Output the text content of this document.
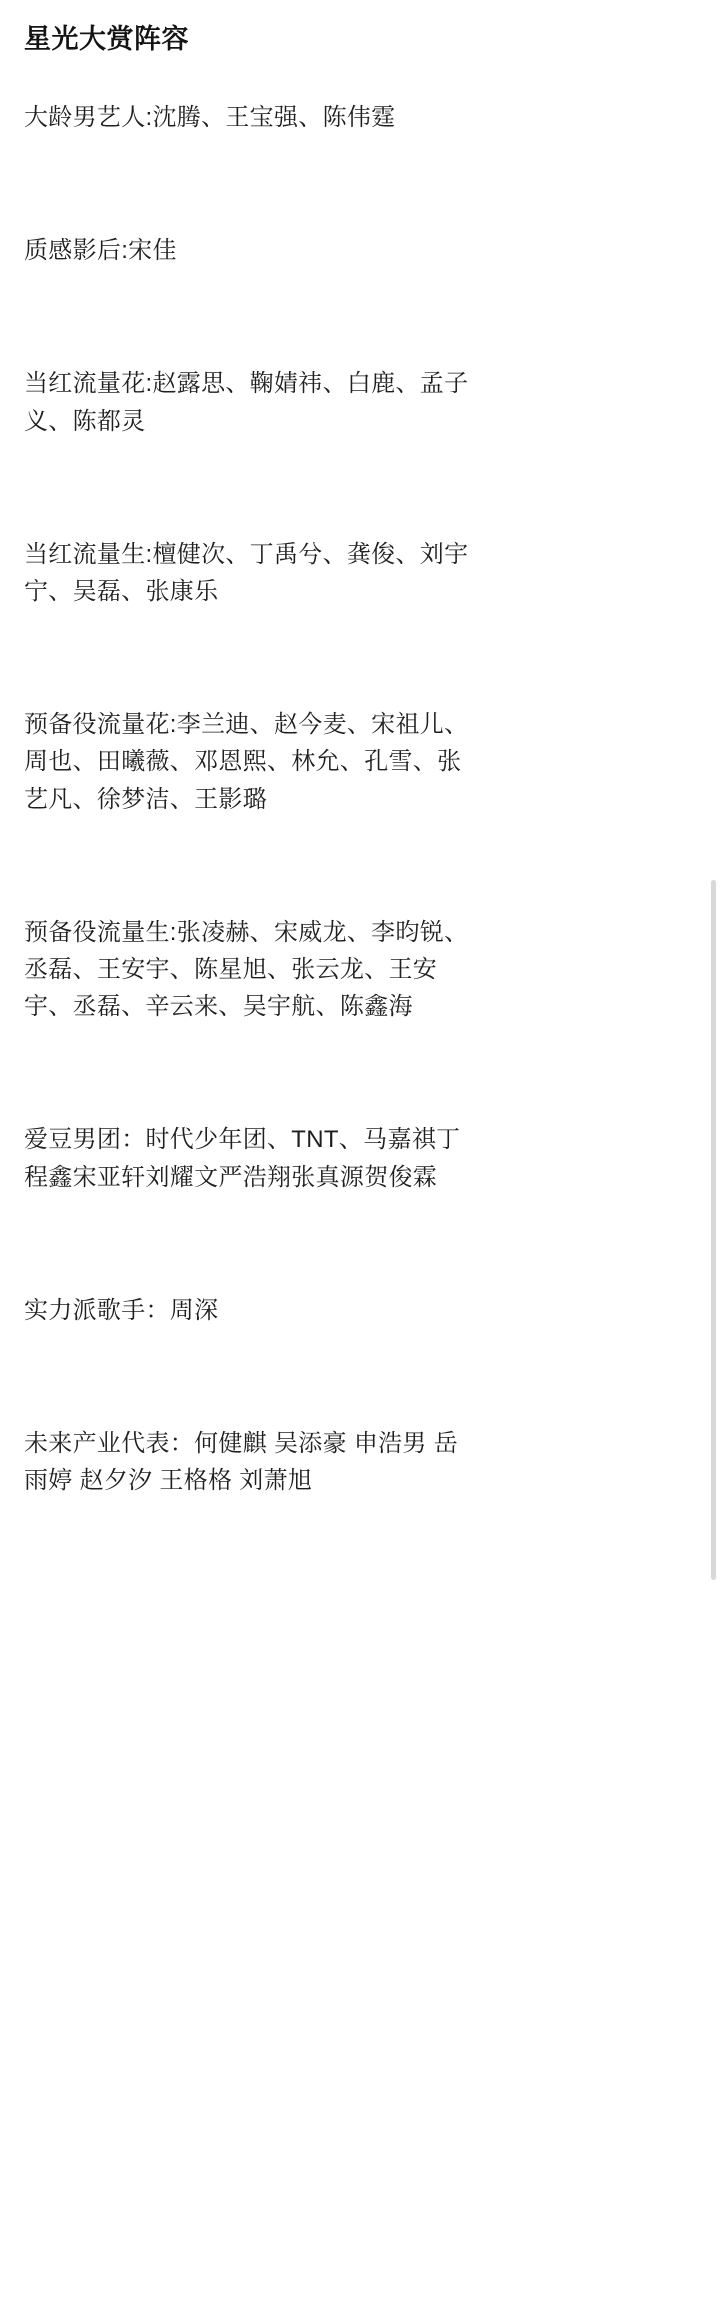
星光大赏阵容

大龄男艺人:沈腾、王宝强、陈伟霆

质感影后:宋佳

当红流量花:赵露思、鞠婧祎、白鹿、孟子义、陈都灵

当红流量生:檀健次、丁禹兮、龚俊、刘宇宁、吴磊、张康乐

预备役流量花:李兰迪、赵今麦、宋祖儿、周也、田曦薇、邓恩熙、林允、孔雪、张艺凡、徐梦洁、王影璐

预备役流量生:张凌赫、宋威龙、李昀锐、丞磊、王安宇、陈星旭、张云龙、王安宇、丞磊、辛云来、吴宇航、陈鑫海

爱豆男团：时代少年团、TNT、马嘉祺丁程鑫宋亚轩刘耀文严浩翔张真源贺俊霖

实力派歌手：周深

未来产业代表：何健麒 吴添豪 申浩男 岳雨婷 赵夕汐 王格格 刘萧旭
